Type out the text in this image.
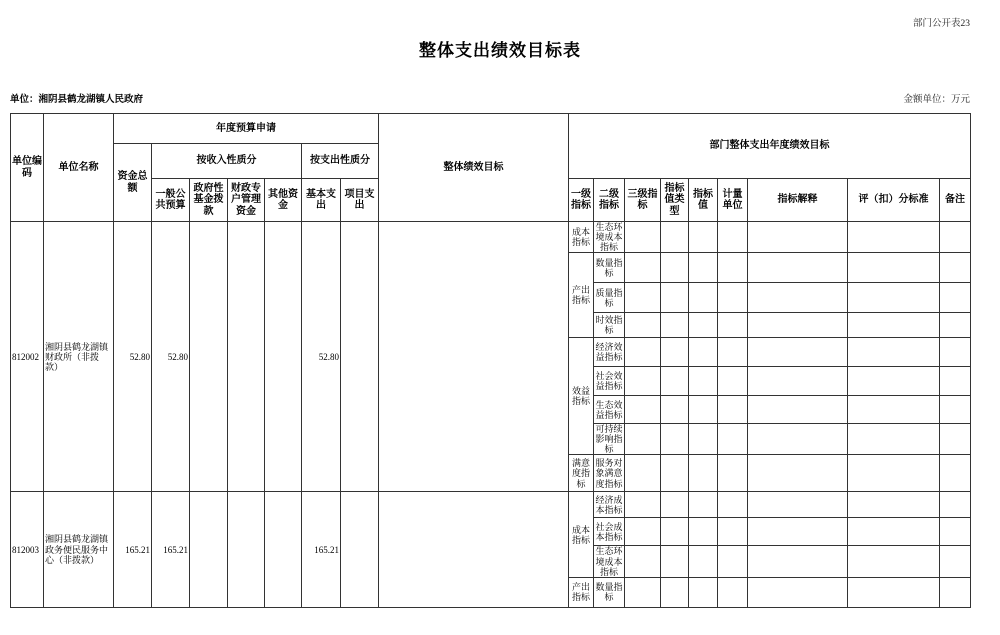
部门公开表23
整体支出绩效目标表
单位：湘阴县鹤龙湖镇人民政府	金额单位：万元
单位编码	单位名称	年度预算申请							整体绩效目标	部门整体支出年度绩效目标								
		资金总额	按收入性质分				按支出性质分											
			一般公共预算	政府性基金拨款	财政专户管理资金	其他资金	基本支出	项目支出		一级指标	二级指标	三级指标	指标值类型	指标值	计量单位	指标解释	评（扣）分标准	备注
812002	湘阴县鹤龙湖镇财政所（非拨款）	52.80	52.80				52.80			成本指标	生态环境成本指标							
										产出指标	数量指标							
											质量指标							
											时效指标							
										效益指标	经济效益指标							
											社会效益指标							
											生态效益指标							
											可持续影响指标							
										满意度指标	服务对象满意度指标							
812003	湘阴县鹤龙湖镇政务便民服务中心（非拨款）	165.21	165.21				165.21			成本指标	经济成本指标							
											社会成本指标							
											生态环境成本指标							
										产出指标	数量指标							
